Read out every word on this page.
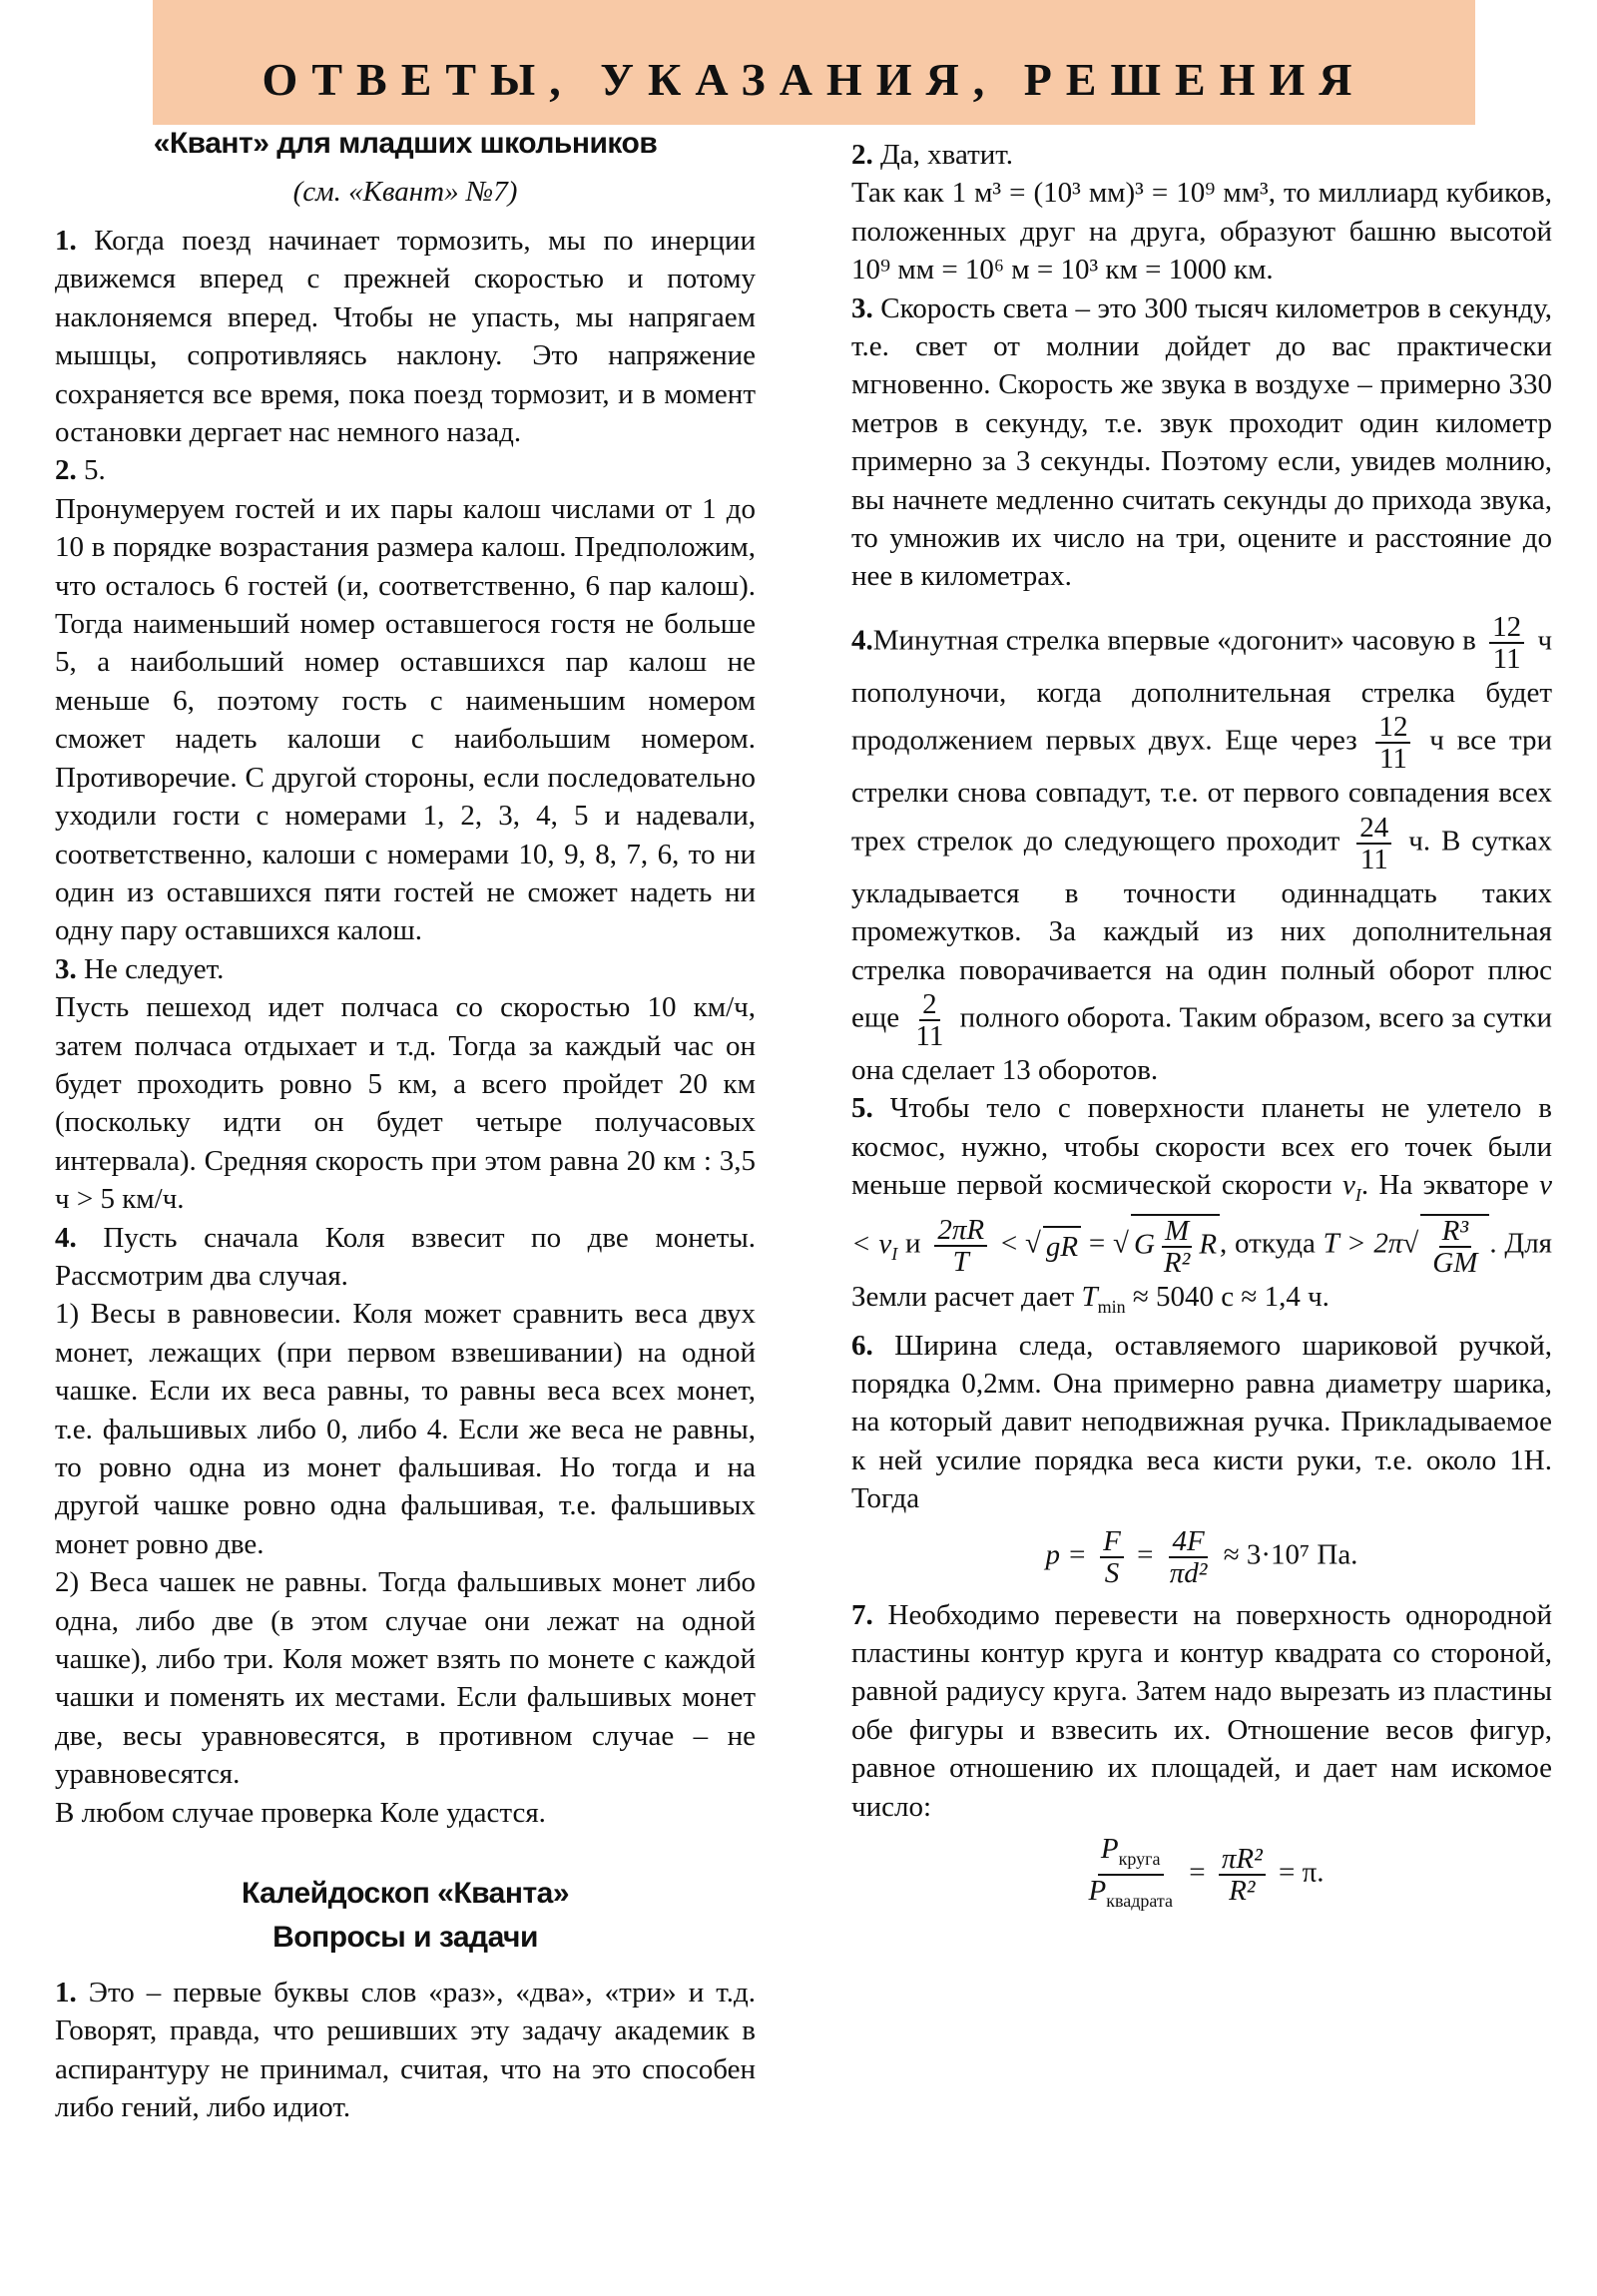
ОТВЕТЫ, УКАЗАНИЯ, РЕШЕНИЯ
«Квант» для младших школьников
(см. «Квант» №7)

1. Когда поезд начинает тормозить, мы по инерции движемся вперед с прежней скоростью и потому наклоняемся вперед. Чтобы не упасть, мы напрягаем мышцы, сопротивляясь наклону. Это напряжение сохраняется все время, пока поезд тормозит, и в момент остановки дергает нас немного назад.

2. 5.

Пронумеруем гостей и их пары калош числами от 1 до 10 в порядке возрастания размера калош. Предположим, что осталось 6 гостей (и, соответственно, 6 пар калош). Тогда наименьший номер оставшегося гостя не больше 5, а наибольший номер оставшихся пар калош не меньше 6, поэтому гость с наименьшим номером сможет надеть калоши с наибольшим номером. Противоречие. С другой стороны, если последовательно уходили гости с номерами 1, 2, 3, 4, 5 и надевали, соответственно, калоши с номерами 10, 9, 8, 7, 6, то ни один из оставшихся пяти гостей не сможет надеть ни одну пару оставшихся калош.

3. Не следует.

Пусть пешеход идет полчаса со скоростью 10 км/ч, затем полчаса отдыхает и т.д. Тогда за каждый час он будет проходить ровно 5 км, а всего пройдет 20 км (поскольку идти он будет четыре получасовых интервала). Средняя скорость при этом равна 20 км : 3,5 ч > 5 км/ч.

4. Пусть сначала Коля взвесит по две монеты. Рассмотрим два случая.

1) Весы в равновесии. Коля может сравнить веса двух монет, лежащих (при первом взвешивании) на одной чашке. Если их веса равны, то равны веса всех монет, т.е. фальшивых либо 0, либо 4. Если же веса не равны, то ровно одна из монет фальшивая. Но тогда и на другой чашке ровно одна фальшивая, т.е. фальшивых монет ровно две.

2) Веса чашек не равны. Тогда фальшивых монет либо одна, либо две (в этом случае они лежат на одной чашке), либо три. Коля может взять по монете с каждой чашки и поменять их местами. Если фальшивых монет две, весы уравновесятся, в противном случае – не уравновесятся.

В любом случае проверка Коле удастся.

Калейдоскоп «Кванта»
Вопросы и задачи

1. Это – первые буквы слов «раз», «два», «три» и т.д. Говорят, правда, что решивших эту задачу академик в аспирантуру не принимал, считая, что на это способен либо гений, либо идиот.

2. Да, хватит.

Так как 1 м³ = (10³ мм)³ = 10⁹ мм³, то миллиард кубиков, положенных друг на друга, образуют башню высотой 10⁹ мм = 10⁶ м = 10³ км = 1000 км.

3. Скорость света – это 300 тысяч километров в секунду, т.е. свет от молнии дойдет до вас практически мгновенно. Скорость же звука в воздухе – примерно 330 метров в секунду, т.е. звук проходит один километр примерно за 3 секунды. Поэтому если, увидев молнию, вы начнете медленно считать секунды до прихода звука, то умножив их число на три, оцените и расстояние до нее в километрах.

4.Минутная стрелка впервые «догонит» часовую в $\frac{12}{11}$ ч пополуночи, когда дополнительная стрелка будет продолжением первых двух. Еще через $\frac{12}{11}$ ч все три стрелки снова совпадут, т.е. от первого совпадения всех трех стрелок до следующего проходит $\frac{24}{11} ч$. В сутках укладывается в точности одиннадцать таких промежутков. За каждый из них дополнительная стрелка поворачивается на один полный оборот плюс еще $\frac{2}{11}$ полного оборота. Таким образом, всего за сутки она сделает 13 оборотов.

5. Чтобы тело с поверхности планеты не улетело в космос, нужно, чтобы скорости всех его точек были меньше первой космической скорости $v_I$. На экваторе $v < v_I$ и $\frac{2\pi R}{T}$ < √ gR = √ G $\frac{M}{\text{R²}}$ R , откуда $T > 2\pi√ \frac{\text{R³}}{GM}$ . Для Земли расчет дает $T_{min} \approx 5040$ с ≈ 1,4 ч.

6. Ширина следа, оставляемого шариковой ручкой, порядка 0,2мм. Она примерно равна диаметру шарика, на который давит неподвижная ручка. Прикладываемое к ней усилие порядка веса кисти руки, т.е. около 1Н. Тогда

$p = \frac{F}{S} = \frac{4F}{\text{πd²}} \approx 3\cdot 10^7$ Па.

7. Необходимо перевести на поверхность однородной пластины контур круга и контур квадрата со стороной, равной радиусу круга. Затем надо вырезать из пластины обе фигуры и взвесить их. Отношение весов фигур, равное отношению их площадей, и дает нам искомое число:

$\frac{P_{круга}}{P_{квадрата}} = \frac{\text{πR²}}{\text{R²}} = \pi$.
